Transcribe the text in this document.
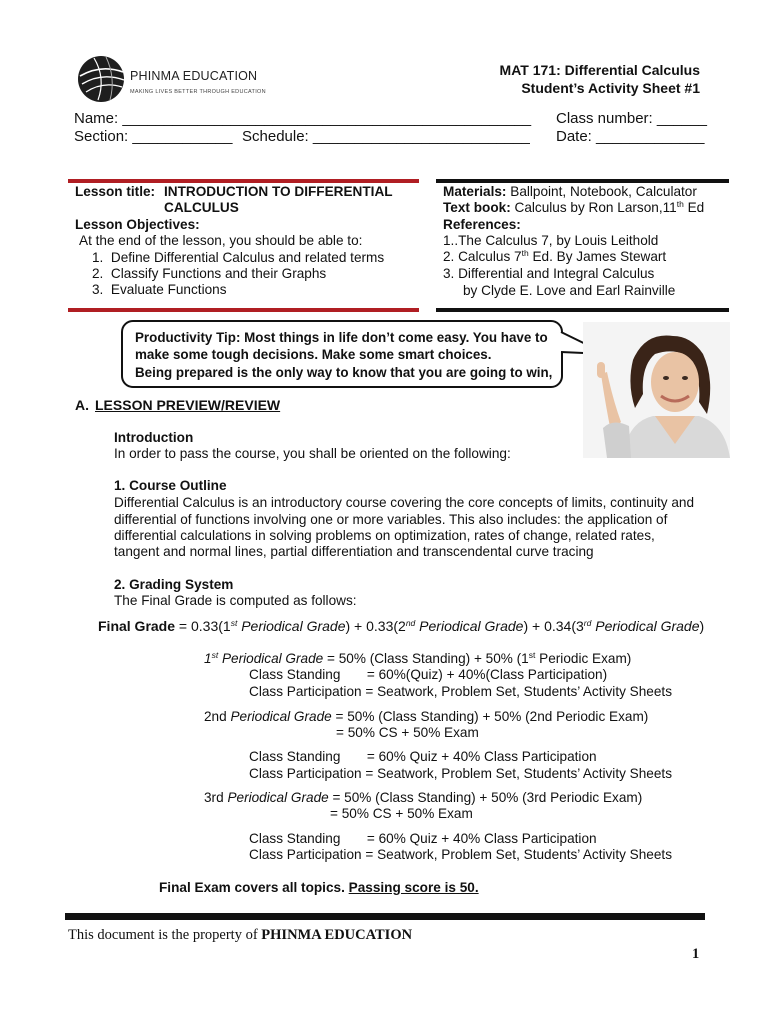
PHINMA EDUCATION
MAKING LIVES BETTER THROUGH EDUCATION
MAT 171: Differential Calculus
Student’s Activity Sheet #1
Name: _________________________________________________ Class number: ______
Section: ____________ Schedule: __________________________ Date: _____________
Lesson title: INTRODUCTION TO DIFFERENTIAL
CALCULUS
Lesson Objectives:
At the end of the lesson, you should be able to:
1.  Define Differential Calculus and related terms
2.  Classify Functions and their Graphs
3.  Evaluate Functions
Materials: Ballpoint, Notebook, Calculator
Text book: Calculus by Ron Larson,11th Ed
References:
1..The Calculus 7, by Louis Leithold
2. Calculus 7th Ed. By James Stewart
3. Differential and Integral Calculus
by Clyde E. Love and Earl Rainville
Productivity Tip: Most things in life don’t come easy. You have to
make some tough decisions. Make some smart choices.
Being prepared is the only way to know that you are going to win,
A. LESSON PREVIEW/REVIEW
Introduction
In order to pass the course, you shall be oriented on the following:
1. Course Outline
Differential Calculus is an introductory course covering the core concepts of limits, continuity and
differential of functions involving one or more variables. This also includes: the application of
differential calculations in solving problems on optimization, rates of change, related rates,
tangent and normal lines, partial differentiation and transcendental curve tracing
2. Grading System
The Final Grade is computed as follows:
Final Grade = 0.33(1st Periodical Grade) + 0.33(2nd Periodical Grade) + 0.34(3rd Periodical Grade)
1st Periodical Grade = 50% (Class Standing) + 50% (1st Periodic Exam)
Class Standing       = 60%(Quiz) + 40%(Class Participation)
Class Participation = Seatwork, Problem Set, Students’ Activity Sheets
2nd Periodical Grade = 50% (Class Standing) + 50% (2nd Periodic Exam)
= 50% CS + 50% Exam
Class Standing       = 60% Quiz + 40% Class Participation
Class Participation = Seatwork, Problem Set, Students’ Activity Sheets
3rd Periodical Grade = 50% (Class Standing) + 50% (3rd Periodic Exam)
= 50% CS + 50% Exam
Class Standing       = 60% Quiz + 40% Class Participation
Class Participation = Seatwork, Problem Set, Students’ Activity Sheets
Final Exam covers all topics. Passing score is 50.
This document is the property of PHINMA EDUCATION
1
